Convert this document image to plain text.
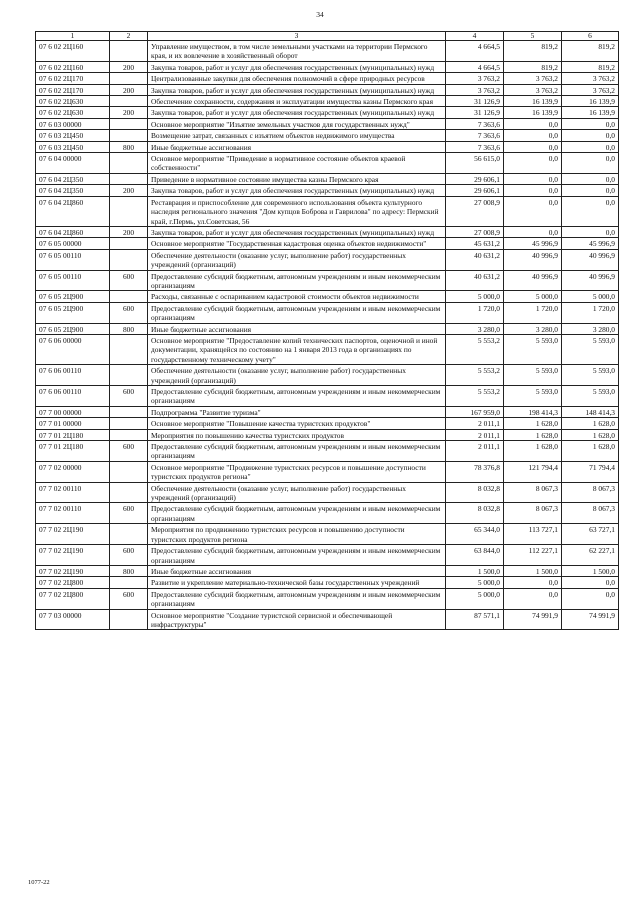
34
1	2	3	4	5	6
07 6 02 2Ц160		Управление имуществом, в том числе земельными участками на территории Пермского края, и их вовлечение в хозяйственный оборот	4 664,5	819,2	819,2
07 6 02 2Ц160	200	Закупка товаров, работ и услуг для обеспечения государственных (муниципальных) нужд	4 664,5	819,2	819,2
07 6 02 2Ц170		Централизованные закупки для обеспечения полномочий в сфере природных ресурсов	3 763,2	3 763,2	3 763,2
07 6 02 2Ц170	200	Закупка товаров, работ и услуг для обеспечения государственных (муниципальных) нужд	3 763,2	3 763,2	3 763,2
07 6 02 2Ц630		Обеспечение сохранности, содержания и эксплуатации имущества казны Пермского края	31 126,9	16 139,9	16 139,9
07 6 02 2Ц630	200	Закупка товаров, работ и услуг для обеспечения государственных (муниципальных) нужд	31 126,9	16 139,9	16 139,9
07 6 03 00000		Основное мероприятие "Изъятие земельных участков для государственных нужд"	7 363,6	0,0	0,0
07 6 03 2Ц450		Возмещение затрат, связанных с изъятием объектов недвижимого имущества	7 363,6	0,0	0,0
07 6 03 2Ц450	800	Иные бюджетные ассигнования	7 363,6	0,0	0,0
07 6 04 00000		Основное мероприятие "Приведение в нормативное состояние объектов краевой собственности"	56 615,0	0,0	0,0
07 6 04 2Ц350		Приведение в нормативное состояние имущества казны Пермского края	29 606,1	0,0	0,0
07 6 04 2Ц350	200	Закупка товаров, работ и услуг для обеспечения государственных (муниципальных) нужд	29 606,1	0,0	0,0
07 6 04 2Ц860		Реставрация и приспособление для современного использования объекта культурного наследия регионального значения "Дом купцов Боброва и Гаврилова" по адресу: Пермский край, г.Пермь, ул.Советская, 56	27 008,9	0,0	0,0
07 6 04 2Ц860	200	Закупка товаров, работ и услуг для обеспечения государственных (муниципальных) нужд	27 008,9	0,0	0,0
07 6 05 00000		Основное мероприятие "Государственная кадастровая оценка объектов недвижимости"	45 631,2	45 996,9	45 996,9
07 6 05 00110		Обеспечение деятельности (оказание услуг, выполнение работ) государственных учреждений (организаций)	40 631,2	40 996,9	40 996,9
07 6 05 00110	600	Предоставление субсидий бюджетным, автономным учреждениям и иным некоммерческим организациям	40 631,2	40 996,9	40 996,9
07 6 05 2Ц900		Расходы, связанные с оспариванием кадастровой стоимости объектов недвижимости	5 000,0	5 000,0	5 000,0
07 6 05 2Ц900	600	Предоставление субсидий бюджетным, автономным учреждениям и иным некоммерческим организациям	1 720,0	1 720,0	1 720,0
07 6 05 2Ц900	800	Иные бюджетные ассигнования	3 280,0	3 280,0	3 280,0
07 6 06 00000		Основное мероприятие "Предоставление копий технических паспортов, оценочной и иной документации, хранящейся по состоянию на 1 января 2013 года в организациях по государственному техническому учету"	5 553,2	5 593,0	5 593,0
07 6 06 00110		Обеспечение деятельности (оказание услуг, выполнение работ) государственных учреждений (организаций)	5 553,2	5 593,0	5 593,0
07 6 06 00110	600	Предоставление субсидий бюджетным, автономным учреждениям и иным некоммерческим организациям	5 553,2	5 593,0	5 593,0
07 7 00 00000		Подпрограмма "Развитие туризма"	167 959,0	198 414,3	148 414,3
07 7 01 00000		Основное мероприятие "Повышение качества туристских продуктов"	2 011,1	1 628,0	1 628,0
07 7 01 2Ц180		Мероприятия по повышению качества туристских продуктов	2 011,1	1 628,0	1 628,0
07 7 01 2Ц180	600	Предоставление субсидий бюджетным, автономным учреждениям и иным некоммерческим организациям	2 011,1	1 628,0	1 628,0
07 7 02 00000		Основное мероприятие "Продвижение туристских ресурсов и повышение доступности туристских продуктов региона"	78 376,8	121 794,4	71 794,4
07 7 02 00110		Обеспечение деятельности (оказание услуг, выполнение работ) государственных учреждений (организаций)	8 032,8	8 067,3	8 067,3
07 7 02 00110	600	Предоставление субсидий бюджетным, автономным учреждениям и иным некоммерческим организациям	8 032,8	8 067,3	8 067,3
07 7 02 2Ц190		Мероприятия по продвижению туристских ресурсов и повышению доступности туристских продуктов региона	65 344,0	113 727,1	63 727,1
07 7 02 2Ц190	600	Предоставление субсидий бюджетным, автономным учреждениям и иным некоммерческим организациям	63 844,0	112 227,1	62 227,1
07 7 02 2Ц190	800	Иные бюджетные ассигнования	1 500,0	1 500,0	1 500,0
07 7 02 2Ц800		Развитие и укрепление материально-технической базы государственных учреждений	5 000,0	0,0	0,0
07 7 02 2Ц800	600	Предоставление субсидий бюджетным, автономным учреждениям и иным некоммерческим организациям	5 000,0	0,0	0,0
07 7 03 00000		Основное мероприятие "Создание туристской сервисной и обеспечивающей инфраструктуры"	87 571,1	74 991,9	74 991,9
1077-22
